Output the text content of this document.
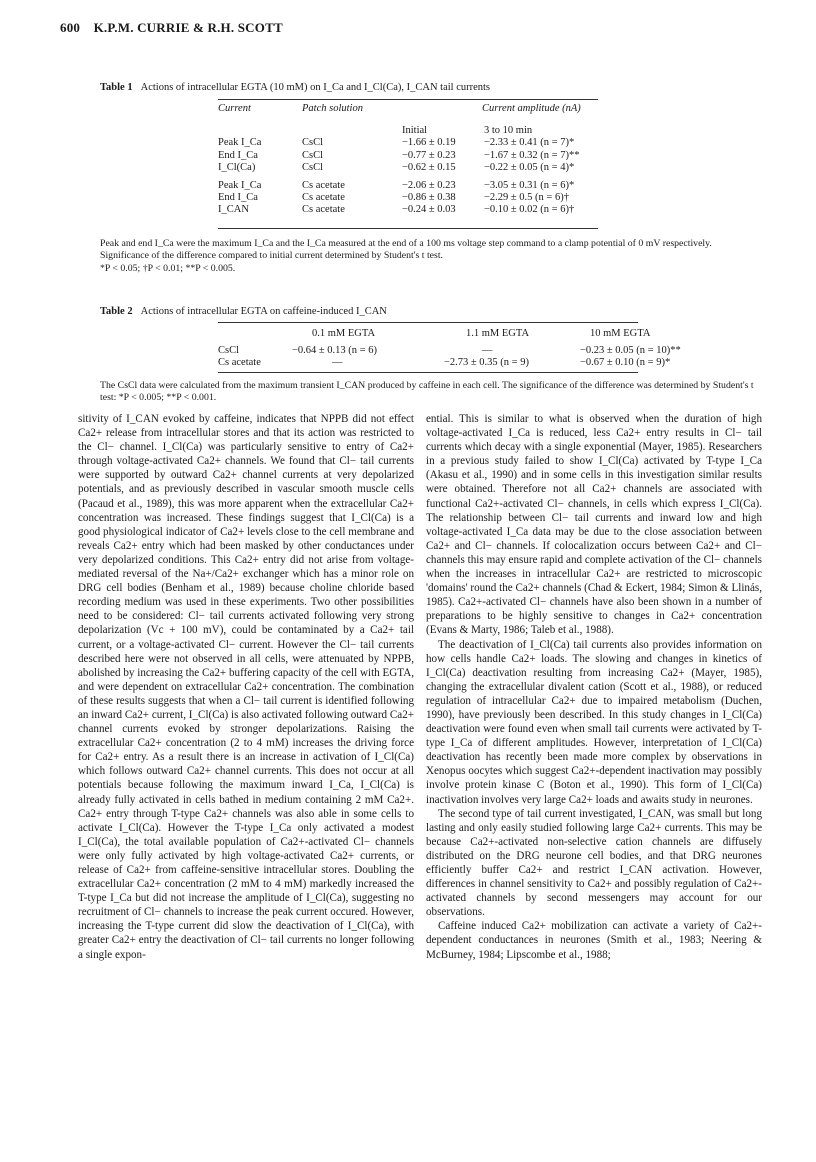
600 K.P.M. CURRIE & R.H. SCOTT
Table 1 Actions of intracellular EGTA (10 mM) on I_Ca and I_Cl(Ca), I_CAN tail currents
Current	Patch solution	Current amplitude (nA)	

		Initial	3 to 10 min
Peak I_Ca	CsCl	−1.66 ± 0.19	−2.33 ± 0.41 (n = 7)*
End I_Ca	CsCl	−0.77 ± 0.23	−1.67 ± 0.32 (n = 7)**
I_Cl(Ca)	CsCl	−0.62 ± 0.15	−0.22 ± 0.05 (n = 4)*

Peak I_Ca	Cs acetate	−2.06 ± 0.23	−3.05 ± 0.31 (n = 6)*
End I_Ca	Cs acetate	−0.86 ± 0.38	−2.29 ± 0.5 (n = 6)†
I_CAN	Cs acetate	−0.24 ± 0.03	−0.10 ± 0.02 (n = 6)†
Peak and end I_Ca were the maximum I_Ca and the I_Ca measured at the end of a 100 ms voltage step command to a clamp potential of 0 mV respectively. Significance of the difference compared to initial current determined by Student's t test.
*P < 0.05; †P < 0.01; **P < 0.005.
Table 2 Actions of intracellular EGTA on caffeine-induced I_CAN
	0.1 mM EGTA	1.1 mM EGTA	10 mM EGTA

CsCl	−0.64 ± 0.13 (n = 6)	—	−0.23 ± 0.05 (n = 10)**
Cs acetate	—	−2.73 ± 0.35 (n = 9)	−0.67 ± 0.10 (n = 9)*
The CsCl data were calculated from the maximum transient I_CAN produced by caffeine in each cell. The significance of the difference was determined by Student's t test: *P < 0.005; **P < 0.001.

sitivity of I_CAN evoked by caffeine, indicates that NPPB did not effect Ca2+ release from intracellular stores and that its action was restricted to the Cl− channel. I_Cl(Ca) was particularly sensitive to entry of Ca2+ through voltage-activated Ca2+ channels. We found that Cl− tail currents were supported by outward Ca2+ channel currents at very depolarized potentials, and as previously described in vascular smooth muscle cells (Pacaud et al., 1989), this was more apparent when the extracellular Ca2+ concentration was increased. These findings suggest that I_Cl(Ca) is a good physiological indicator of Ca2+ levels close to the cell membrane and reveals Ca2+ entry which had been masked by other conductances under very depolarized conditions. This Ca2+ entry did not arise from voltage-mediated reversal of the Na+/Ca2+ exchanger which has a minor role on DRG cell bodies (Benham et al., 1989) because choline chloride based recording medium was used in these experiments. Two other possibilities need to be considered: Cl− tail currents activated following very strong depolarization (Vc + 100 mV), could be contaminated by a Ca2+ tail current, or a voltage-activated Cl− current. However the Cl− tail currents described here were not observed in all cells, were attenuated by NPPB, abolished by increasing the Ca2+ buffering capacity of the cell with EGTA, and were dependent on extracellular Ca2+ concentration. The combination of these results suggests that when a Cl− tail current is identified following an inward Ca2+ current, I_Cl(Ca) is also activated following outward Ca2+ channel currents evoked by stronger depolarizations. Raising the extracellular Ca2+ concentration (2 to 4 mM) increases the driving force for Ca2+ entry. As a result there is an increase in activation of I_Cl(Ca) which follows outward Ca2+ channel currents. This does not occur at all potentials because following the maximum inward I_Ca, I_Cl(Ca) is already fully activated in cells bathed in medium containing 2 mM Ca2+. Ca2+ entry through T-type Ca2+ channels was also able in some cells to activate I_Cl(Ca). However the T-type I_Ca only activated a modest I_Cl(Ca), the total available population of Ca2+-activated Cl− channels were only fully activated by high voltage-activated Ca2+ currents, or release of Ca2+ from caffeine-sensitive intracellular stores. Doubling the extracellular Ca2+ concentration (2 mM to 4 mM) markedly increased the T-type I_Ca but did not increase the amplitude of I_Cl(Ca), suggesting no recruitment of Cl− channels to increase the peak current occured. However, increasing the T-type current did slow the deactivation of I_Cl(Ca), with greater Ca2+ entry the deactivation of Cl− tail currents no longer following a single expon-

ential. This is similar to what is observed when the duration of high voltage-activated I_Ca is reduced, less Ca2+ entry results in Cl− tail currents which decay with a single exponential (Mayer, 1985). Researchers in a previous study failed to show I_Cl(Ca) activated by T-type I_Ca (Akasu et al., 1990) and in some cells in this investigation similar results were obtained. Therefore not all Ca2+ channels are associated with functional Ca2+-activated Cl− channels, in cells which express I_Cl(Ca). The relationship between Cl− tail currents and inward low and high voltage-activated I_Ca data may be due to the close association between Ca2+ and Cl− channels. If colocalization occurs between Ca2+ and Cl− channels this may ensure rapid and complete activation of the Cl− channels when the increases in intracellular Ca2+ are restricted to microscopic 'domains' round the Ca2+ channels (Chad & Eckert, 1984; Simon & Llinás, 1985). Ca2+-activated Cl− channels have also been shown in a number of preparations to be highly sensitive to changes in Ca2+ concentration (Evans & Marty, 1986; Taleb et al., 1988).

The deactivation of I_Cl(Ca) tail currents also provides information on how cells handle Ca2+ loads. The slowing and changes in kinetics of I_Cl(Ca) deactivation resulting from increasing Ca2+ (Mayer, 1985), changing the extracellular divalent cation (Scott et al., 1988), or reduced regulation of intracellular Ca2+ due to impaired metabolism (Duchen, 1990), have previously been described. In this study changes in I_Cl(Ca) deactivation were found even when small tail currents were activated by T-type I_Ca of different amplitudes. However, interpretation of I_Cl(Ca) deactivation has recently been made more complex by observations in Xenopus oocytes which suggest Ca2+-dependent inactivation may possibly involve protein kinase C (Boton et al., 1990). This form of I_Cl(Ca) inactivation involves very large Ca2+ loads and awaits study in neurones.

The second type of tail current investigated, I_CAN, was small but long lasting and only easily studied following large Ca2+ currents. This may be because Ca2+-activated non-selective cation channels are diffusely distributed on the DRG neurone cell bodies, and that DRG neurones efficiently buffer Ca2+ and restrict I_CAN activation. However, differences in channel sensitivity to Ca2+ and possibly regulation of Ca2+-activated channels by second messengers may account for our observations.

Caffeine induced Ca2+ mobilization can activate a variety of Ca2+-dependent conductances in neurones (Smith et al., 1983; Neering & McBurney, 1984; Lipscombe et al., 1988;
